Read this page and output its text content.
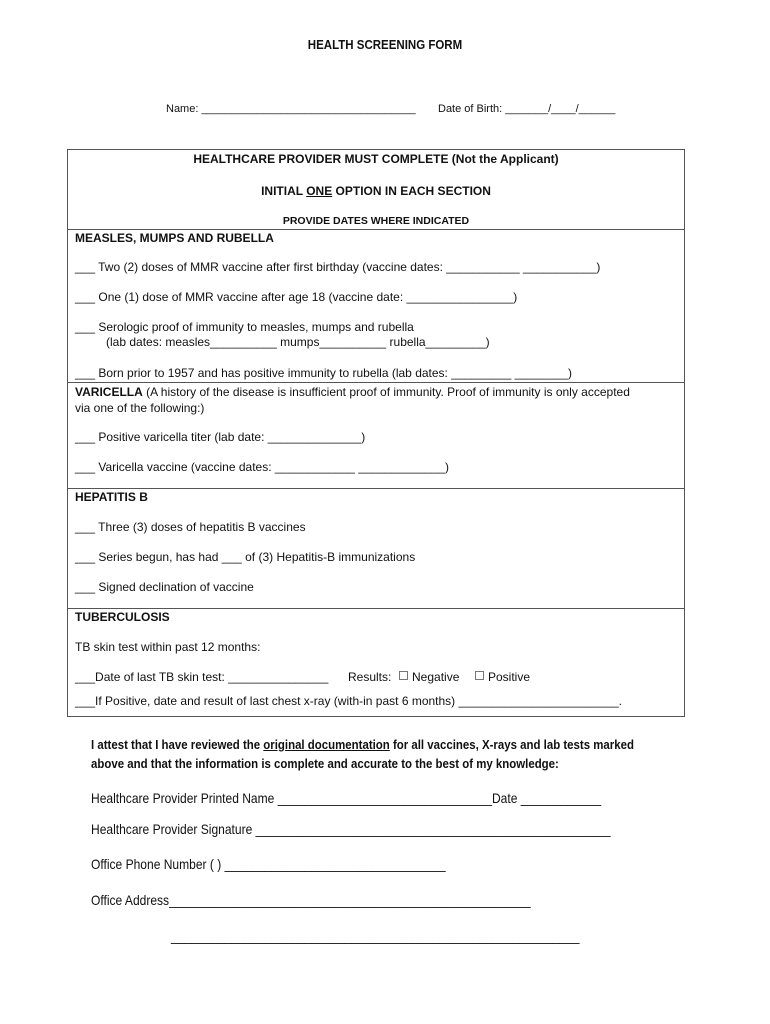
HEALTH SCREENING FORM
Name: ___________________________________ Date of Birth: _______/____/______
HEALTHCARE PROVIDER MUST COMPLETE (Not the Applicant)
INITIAL ONE OPTION IN EACH SECTION
PROVIDE DATES WHERE INDICATED
MEASLES, MUMPS AND RUBELLA
___ Two (2) doses of MMR vaccine after first birthday (vaccine dates: ___________ ___________)
___ One (1) dose of MMR vaccine after age 18 (vaccine date: ________________)
___ Serologic proof of immunity to measles, mumps and rubella
(lab dates: measles__________ mumps__________ rubella_________)
___ Born prior to 1957 and has positive immunity to rubella (lab dates: _________ ________)
VARICELLA (A history of the disease is insufficient proof of immunity. Proof of immunity is only accepted
via one of the following:)
___ Positive varicella titer (lab date: ______________)
___ Varicella vaccine (vaccine dates: ____________ _____________)
HEPATITIS B
___ Three (3) doses of hepatitis B vaccines
___ Series begun, has had ___ of (3) Hepatitis-B immunizations
___ Signed declination of vaccine
TUBERCULOSIS
TB skin test within past 12 months:
___Date of last TB skin test: _______________ Results: Negative Positive
___If Positive, date and result of last chest x-ray (with-in past 6 months) ________________________.
I attest that I have reviewed the original documentation for all vaccines, X-rays and lab tests marked
above and that the information is complete and accurate to the best of my knowledge:
Healthcare Provider Printed Name ________________________________Date ____________
Healthcare Provider Signature _____________________________________________________
Office Phone Number ( ) _________________________________
Office Address______________________________________________________
_____________________________________________________________
